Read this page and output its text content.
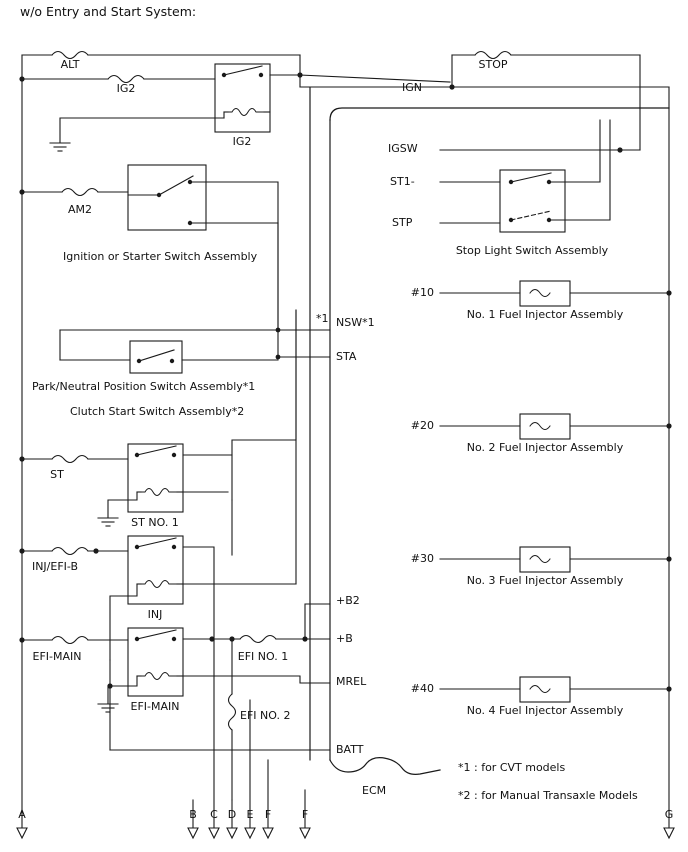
w/o Entry and Start System:
ALT
IG2
IG2
STOP
IGN
AM2
Ignition or Starter Switch Assembly
IGSW
ST1-
STP
Stop Light Switch Assembly
*1 NSW*1
STA
Park/Neutral Position Switch Assembly*1
Clutch Start Switch Assembly*2
ST
ST NO. 1
INJ/EFI-B
INJ
EFI-MAIN
EFI-MAIN
EFI NO. 1
EFI NO. 2
+B2
+B
MREL
BATT
#10
#20
#30
#40
No. 1 Fuel Injector Assembly
No. 2 Fuel Injector Assembly
No. 3 Fuel Injector Assembly
No. 4 Fuel Injector Assembly
ECM
*1 : for CVT models
*2 : for Manual Transaxle Models
A	B C D E F	F	G
